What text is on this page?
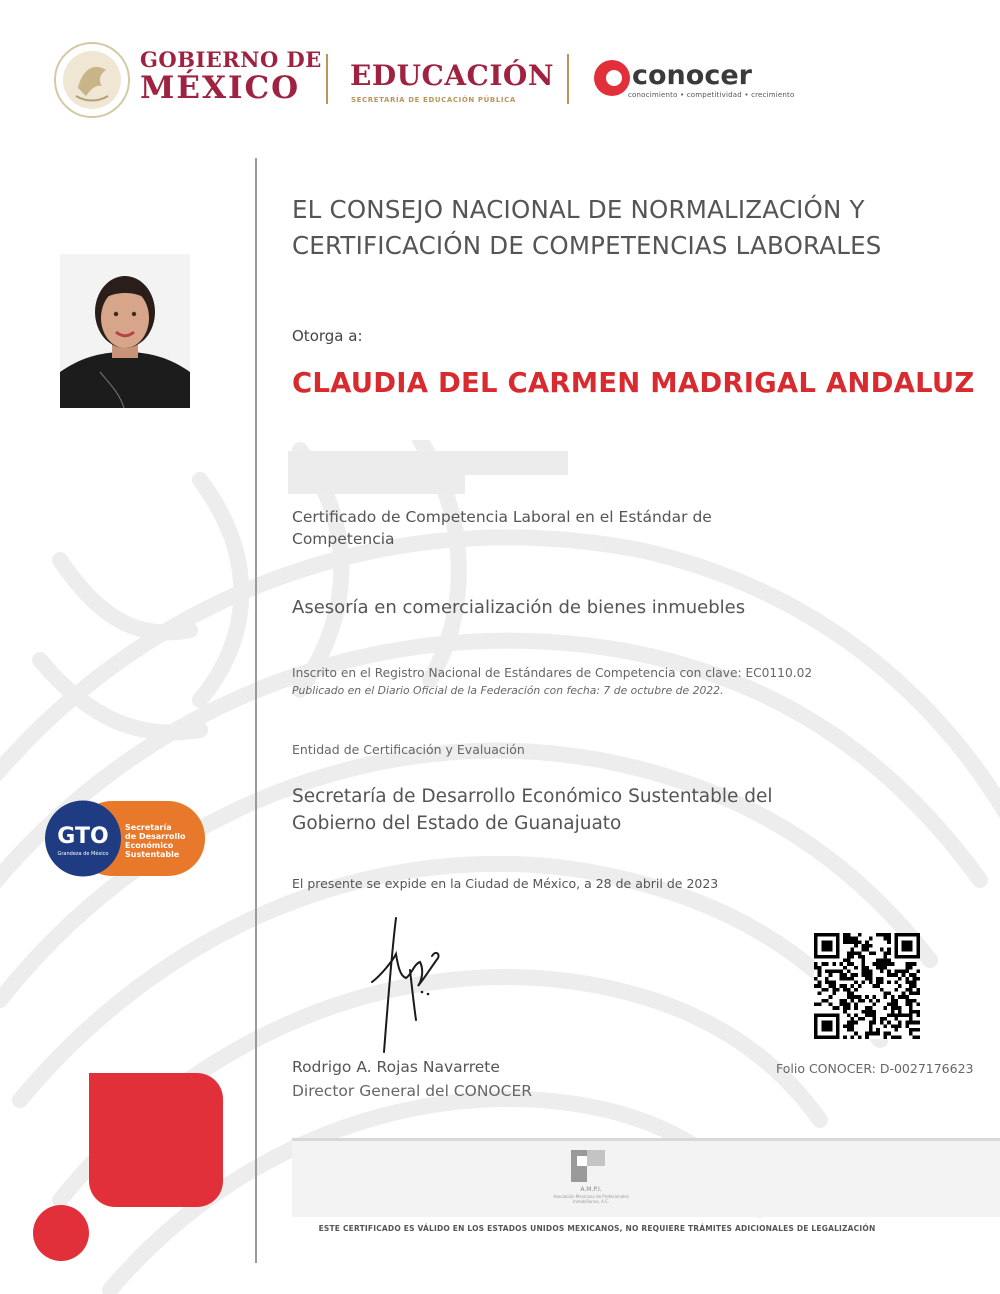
GOBIERNO DE
MÉXICO	EDUCACIÓN
SECRETARÍA DE EDUCACIÓN PÚBLICA
conocer
conocimiento • competitividad • crecimiento
GTO
Grandeza de México
Secretaría
de Desarrollo
Económico
Sustentable
EL CONSEJO NACIONAL DE NORMALIZACIÓN Y CERTIFICACIÓN DE COMPETENCIAS LABORALES
Otorga a:
CLAUDIA DEL CARMEN MADRIGAL ANDALUZ
Certificado de Competencia Laboral en el Estándar de Competencia
Asesoría en comercialización de bienes inmuebles
Inscrito en el Registro Nacional de Estándares de Competencia con clave: EC0110.02
Publicado en el Diario Oficial de la Federación con fecha: 7 de octubre de 2022.
Entidad de Certificación y Evaluación
Secretaría de Desarrollo Económico Sustentable del Gobierno del Estado de Guanajuato
El presente se expide en la Ciudad de México, a 28 de abril de 2023
Rodrigo A. Rojas Navarrete
Director General del CONOCER
Folio CONOCER: D-0027176623
A.M.P.I.
Asociación Mexicana de Profesionales Inmobiliarios, A.C.
ESTE CERTIFICADO ES VÁLIDO EN LOS ESTADOS UNIDOS MEXICANOS, NO REQUIERE TRÁMITES ADICIONALES DE LEGALIZACIÓN
